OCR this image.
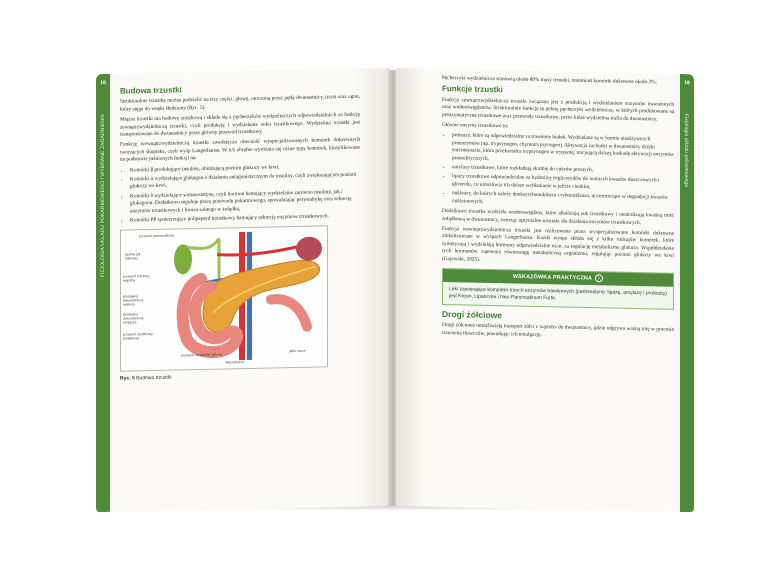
18
FIZJOLOGIA UKŁADU POKARMOWEGO I WYBRANE ZAGADNIENIA
Budowa trzustki

Strukturalnie trzustkę można podzielić na trzy części: głowę, otoczoną przez pętlę dwunastnicy, trzon oraz ogon, który sięga do wnęki śledziony (Ryc. 5).

Miąższ trzustki ma budowę zrazikową i składa się z pęcherzyków wydzielniczych odpowiedzialnych za funkcję zewnątrzwydzielniczą trzustki, czyli produkcję i wydzielanie soku trzustkowego. Wydzielina trzustki jest transportowana do dwunastnicy przez główny przewód trzustkowy.

Funkcję wewnątrzwydzielniczą trzustki zawdzięcza obecność wyspecjalizowanych komórek dokrewnych tworzących skupiska, czyli wysp Langerhansa. W ich obrębie wyróżnia się różne typy komórek, klasyfikowane na podstawie pełnionych funkcji na:

• Komórki β produkujące insulinę, obniżającą poziom glukozy we krwi,
• Komórki α wydzielające glukagon o działaniu antagonistycznym do insuliny, czyli zwiększającym poziom glukozy we krwi,
• Komórki δ wydzielające somatostatynę, czyli hormon hamujący wydzielanie zarówno insuliny, jak i glukagonu. Dodatkowo reguluje pracę przewodu pokarmowego, spowalniając perystaltykę oraz sekrecję enzymów trzustkowych i kwasu solnego w żołądku,
• Komórki PP syntetyzujące polipeptyd trzustkowy hamujący sekrecję enzymów trzustkowych.
przewód pęcherzykowy
pęcherzyk żółciowy
przewód żółciowy wspólny
brodawka dwunastnicza większa
brodawka dwunastnicza mniejsza
przewód trzustkowy dodatkowy
przewód trzustkowy główny
dwunastnica
jelito czcze
Ryc. 5 Budowa trzustki.
19
Fizjologia układu pokarmowego

Pęcherzyki wydzielnicze stanowią około 80% masy trzustki, natomiast komórki dokrewne około 2%.

Funkcje trzustki

Funkcja zewnątrzwydzielnicza trzustki związana jest z produkcją i wydzielaniem enzymów trawiennych oraz wodorowęglanów. Strukturalnie funkcję tę pełnią pęcherzyki wydzielnicze, w których produkowane są prenzymatyczne trzustkowe oraz przewody trzustkowe, przez które wydzielina trafia do dwunastnicy.

Główne enzymy trzustkowe to:

• proteazy, które są odpowiedzialne za trawienie białek. Wydzielane są w formie nieaktywnych proenzymów (np. trypsynogen, chymotrypsynogen). Aktywacja zachodzi w dwunastnicy dzięki enterokinazie, która przekształca trypsynogen w trypsynę, inicjującą dalszą kaskadę aktywacji enzymów proteolitycznych,
• amylazy trzustkowe, które rozkładają skrobię do cukrów prostych,
• lipazy trzustkowe odpowiedzialne za hydrolizę triglicerydów do wolnych kwasów tłuszczowych i glicerolu, co umożliwia ich dalsze wchłanianie w jelicie cienkim,
• nukleazy, do których należy deoksyrybonukleaza i rybonukleaza, uczestniczące w degradacji kwasów nukleinowych.

Dodatkowo trzustka wydziela wodorowęglany, które alkalizują sok trzustkowy i neutralizują kwaśną treść żołądkową w dwunastnicy, tworząc optymalne warunki dla działania enzymów trzustkowych.

Funkcja wewnątrzwydzielnicza trzustki jest realizowana przez wyspecjalizowane komórki dokrewne zlokalizowane w wyspach Langerhansa. Każda wyspa składa się z kilku rodzajów komórek, które syntetyzują i wydzielają hormony odpowiedzialne m.in. za regulację metabolizmu glukozy. Współdziałanie tych hormonów zapewnia równowagę metaboliczną organizmu, regulując poziom glukozy we krwi (Gajewski, 2025).

WSKAZÓWKA PRAKTYCZNA i
Leki zawierające kompleks trzech enzymów trawiennych (pankreatynę: lipazę, amylazę i proteazę) jest Kreon, Lipancrea i Neo-Pancreatinum Forte.
Drogi żółciowe

Drogi żółciowe umożliwiają transport żółci z wątroby do dwunastnicy, gdzie odgrywa ważną rolę w procesie trawienia tłuszczów, powodując ich emulgację.
